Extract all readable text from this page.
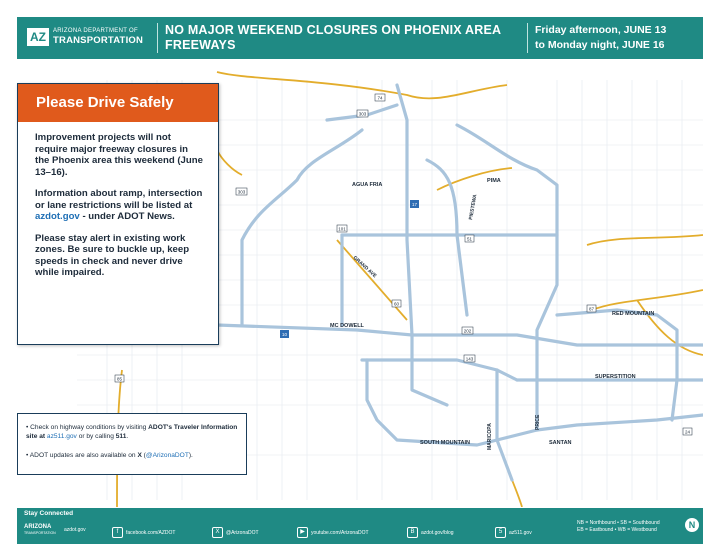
AZ	ARIZONA DEPARTMENT OF
TRANSPORTATION
NO MAJOR WEEKEND CLOSURES ON PHOENIX AREA FREEWAYS
Friday afternoon, JUNE 13
to Monday night, JUNE 16
AGUA FRIA
PIMA
MC DOWELL
GRAND AVE
RED MOUNTAIN
SUPERSTITION
SOUTH MOUNTAIN	SANTAN
PRICE
MARICOPA
PIESTEWA
74
303
101
17
51
60
10
202
143
87
85
24
303
Please Drive Safely

Improvement projects will not require major freeway closures in the Phoenix area this weekend (June 13–16).

Information about ramp, intersection or lane restrictions will be listed at azdot.gov - under ADOT News.

Please stay alert in existing work zones. Be sure to buckle up, keep speeds in check and never drive while impaired.

• Check on highway conditions by visiting ADOT's Traveler Information site at az511.gov or by calling 511.
• ADOT updates are also available on X (@ArizonaDOT).
Stay Connected
ARIZONA
TRANSPORTATION azdot.gov	f facebook.com/AZDOT	X @ArizonaDOT	▶ youtube.com/ArizonaDOT	B azdot.gov/blog	5 az511.gov
NB = Northbound • SB = Southbound
EB = Eastbound • WB = Westbound	N
